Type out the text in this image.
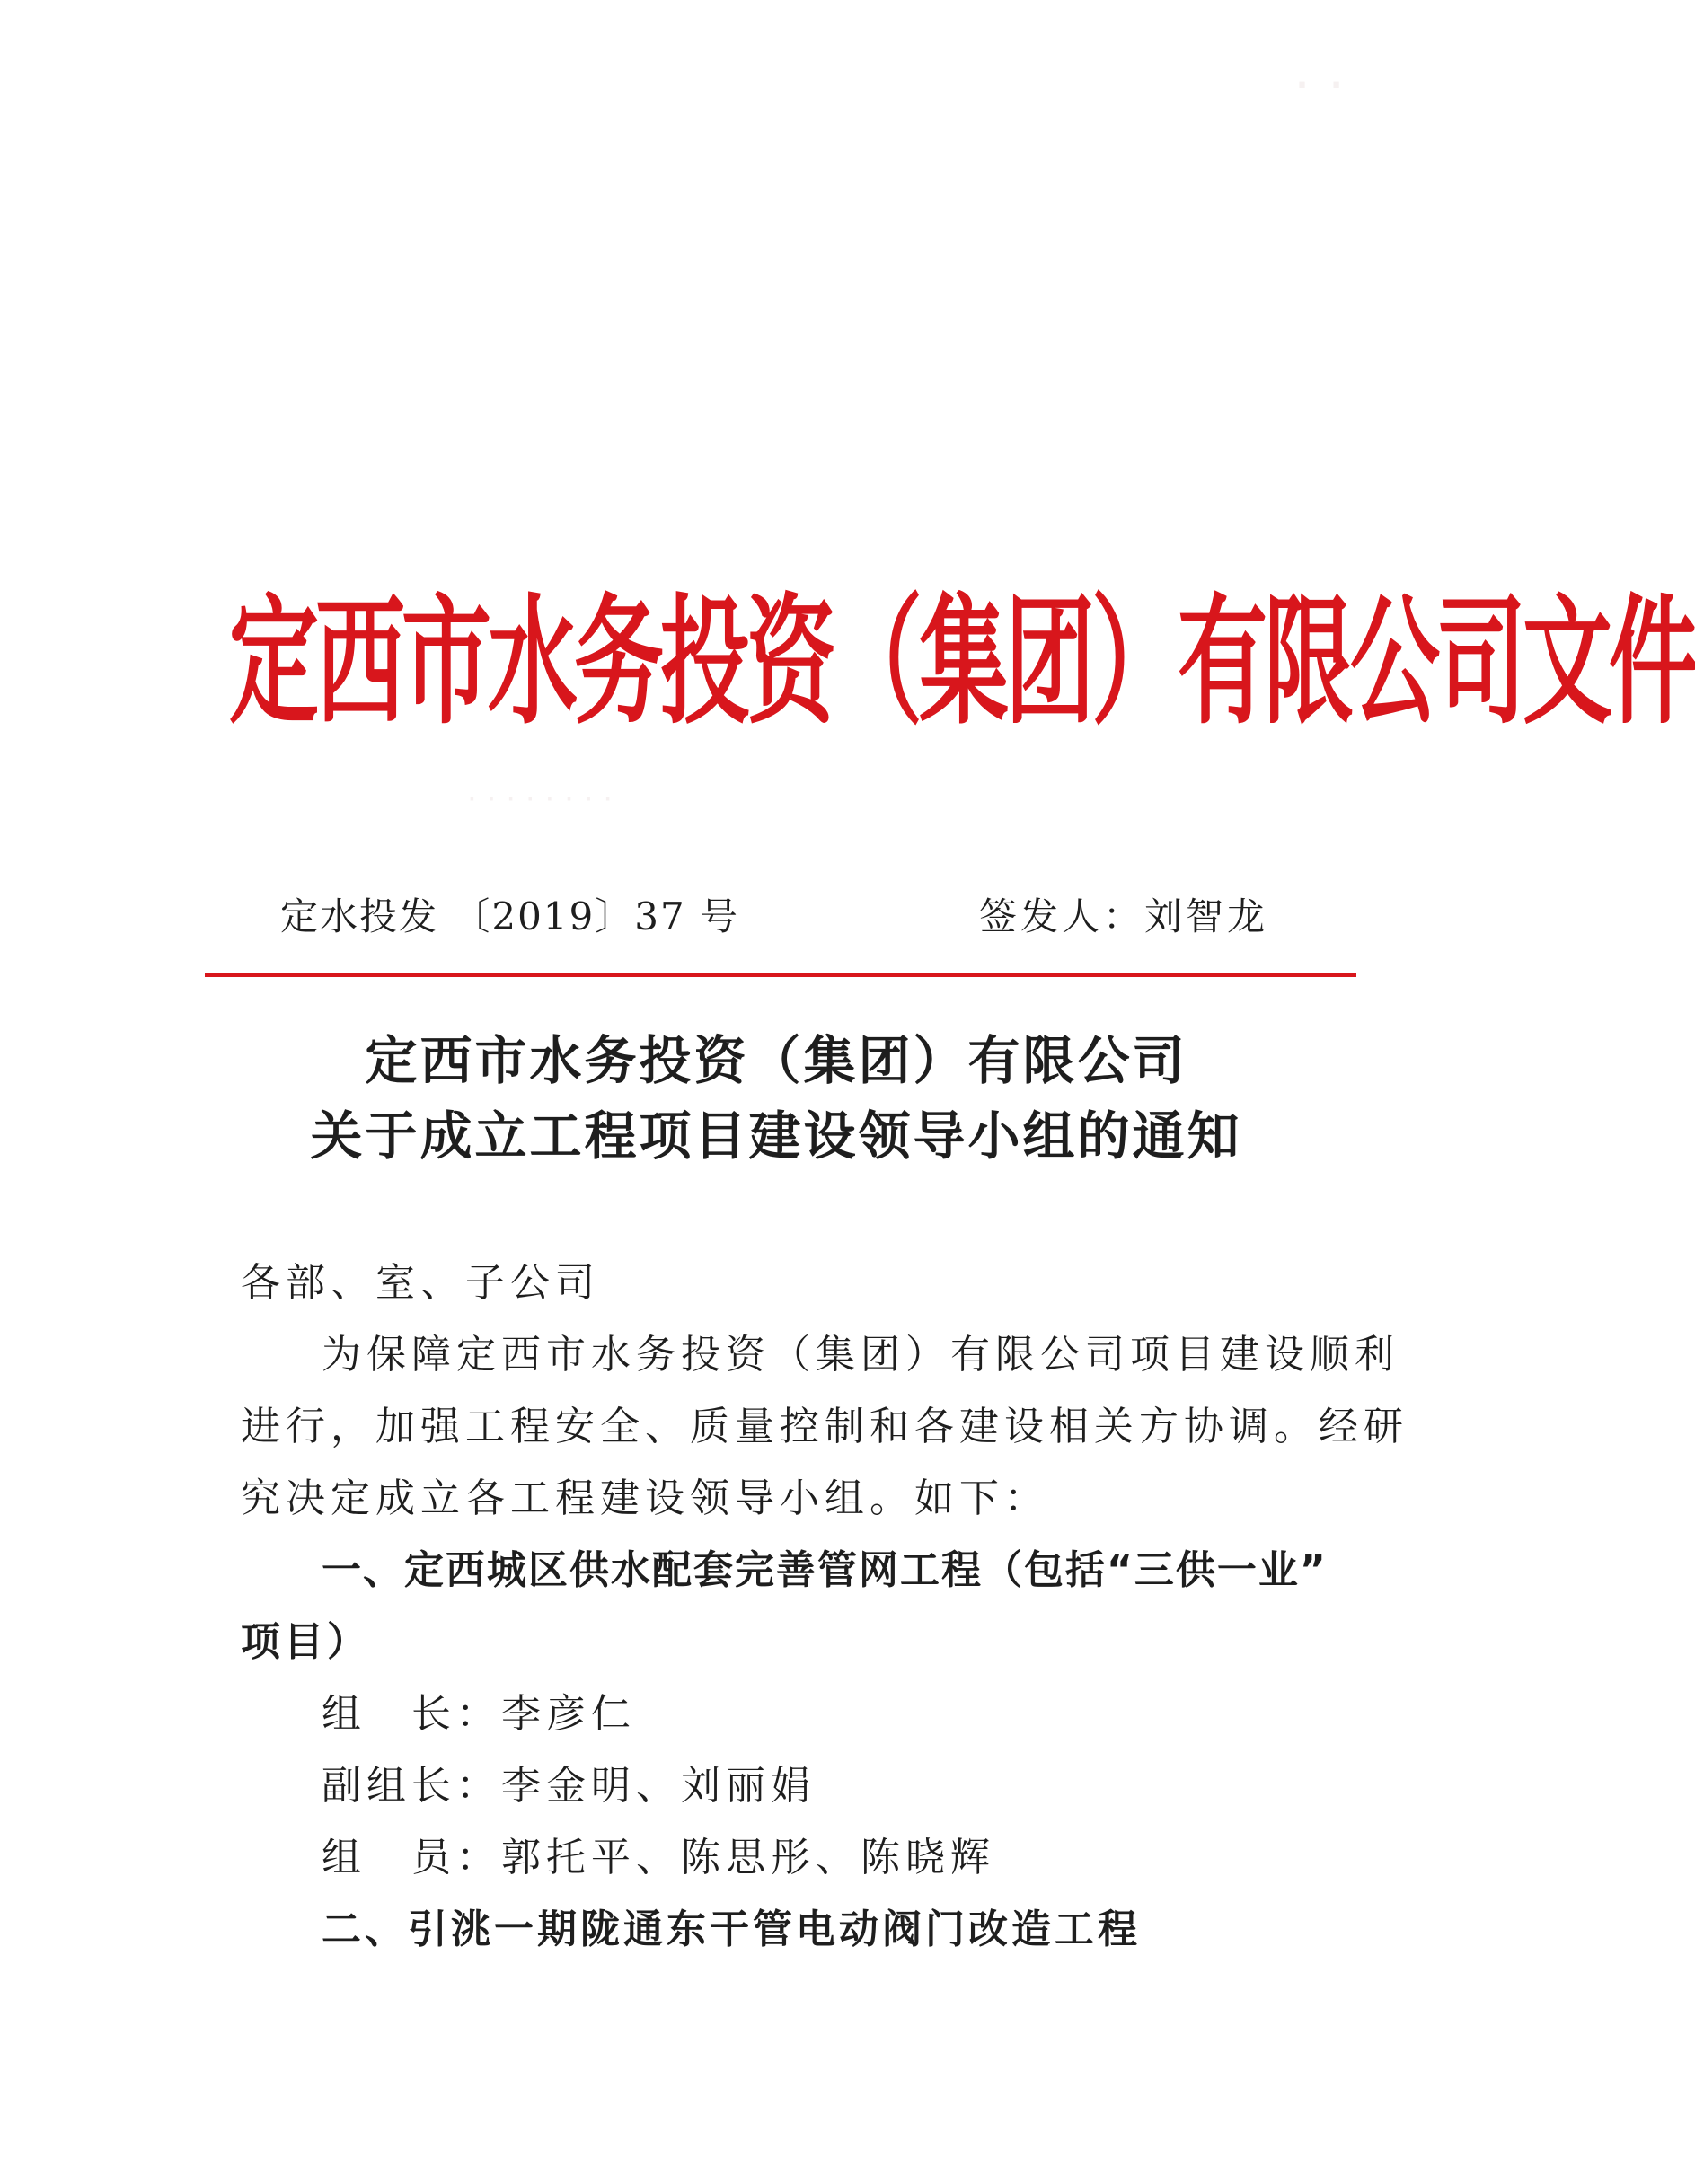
· · · · · · · ·
· ·
定西市水务投资（集团）有限公司文件
定水投发 〔2019〕37 号	签发人：刘智龙
定西市水务投资（集团）有限公司
关于成立工程项目建设领导小组的通知
各部、室、子公司
为保障定西市水务投资（集团）有限公司项目建设顺利
进行，加强工程安全、质量控制和各建设相关方协调。经研
究决定成立各工程建设领导小组。如下：
一、定西城区供水配套完善管网工程（包括“三供一业”
项目）
组　长：李彦仁
副组长：李金明、刘丽娟
组　员：郭托平、陈思彤、陈晓辉
二、引洮一期陇通东干管电动阀门改造工程
